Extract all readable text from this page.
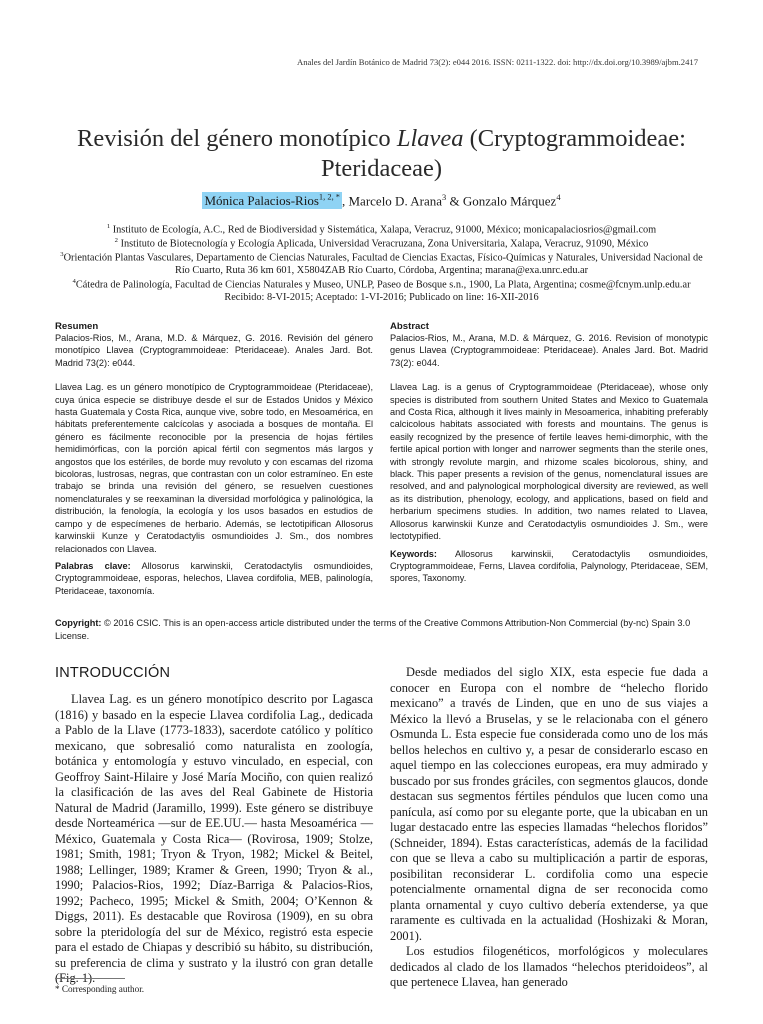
Anales del Jardín Botánico de Madrid 73(2): e044 2016. ISSN: 0211-1322. doi: http://dx.doi.org/10.3989/ajbm.2417
Revisión del género monotípico Llavea (Cryptogrammoideae:
Pteridaceae)
Mónica Palacios-Rios$^{1, 2, *}$ , Marcelo D. Arana$^3$ & Gonzalo Márquez$^4$
$^1$ Instituto de Ecología, A.C., Red de Biodiversidad y Sistemática, Xalapa, Veracruz, 91000, México; monicapalaciosrios@gmail.com
$^2$ Instituto de Biotecnología y Ecología Aplicada, Universidad Veracruzana, Zona Universitaria, Xalapa, Veracruz, 91090, México
$^3$Orientación Plantas Vasculares, Departamento de Ciencias Naturales, Facultad de Ciencias Exactas, Físico-Químicas y Naturales, Universidad Nacional de Río Cuarto, Ruta 36 km 601, X5804ZAB Río Cuarto, Córdoba, Argentina; marana@exa.unrc.edu.ar
$^4$Cátedra de Palinología, Facultad de Ciencias Naturales y Museo, UNLP, Paseo de Bosque s.n., 1900, La Plata, Argentina; cosme@fcnym.unlp.edu.ar
Recibido: 8-VI-2015; Aceptado: 1-VI-2016; Publicado on line: 16-XII-2016
Resumen
Palacios-Rios, M., Arana, M.D. & Márquez, G. 2016. Revisión del género monotípico Llavea (Cryptogrammoideae: Pteridaceae). Anales Jard. Bot. Madrid 73(2): e044.
Llavea Lag. es un género monotípico de Cryptogrammoideae (Pteridaceae), cuya única especie se distribuye desde el sur de Estados Unidos y México hasta Guatemala y Costa Rica, aunque vive, sobre todo, en Mesoamérica, en hábitats preferentemente calcícolas y asociada a bosques de montaña. El género es fácilmente reconocible por la presencia de hojas fértiles hemidimórficas, con la porción apical fértil con segmentos más largos y angostos que los estériles, de borde muy revoluto y con escamas del rizoma bicoloras, lustrosas, negras, que contrastan con un color estramíneo. En este trabajo se brinda una revisión del género, se resuelven cuestiones nomenclaturales y se reexaminan la diversidad morfológica y palinológica, la distribución, la fenología, la ecología y los usos basados en estudios de campo y de especímenes de herbario. Además, se lectotipifican Allosorus karwinskii Kunze y Ceratodactylis osmundioides J. Sm., dos nombres relacionados con Llavea.
Palabras clave: Allosorus karwinskii, Ceratodactylis osmundioides, Cryptogrammoideae, esporas, helechos, Llavea cordifolia, MEB, palinología, Pteridaceae, taxonomía.
Abstract
Palacios-Rios, M., Arana, M.D. & Márquez, G. 2016. Revision of monotypic genus Llavea (Cryptogrammoideae: Pteridaceae). Anales Jard. Bot. Madrid 73(2): e044.
Llavea Lag. is a genus of Cryptogrammoideae (Pteridaceae), whose only species is distributed from southern United States and Mexico to Guatemala and Costa Rica, although it lives mainly in Mesoamerica, inhabiting preferably calcicolous habitats associated with forests and mountains. The genus is easily recognized by the presence of fertile leaves hemi-dimorphic, with the fertile apical portion with longer and narrower segments than the sterile ones, with strongly revolute margin, and rhizome scales bicolorous, shiny, and black. This paper presents a revision of the genus, nomenclatural issues are resolved, and and palynological morphological diversity are reviewed, as well as its distribution, phenology, ecology, and applications, based on field and herbarium specimens studies. In addition, two names related to Llavea, Allosorus karwinskii Kunze and Ceratodactylis osmundioides J. Sm., were lectotypified.
Keywords: Allosorus karwinskii, Ceratodactylis osmundioides, Cryptogrammoideae, Ferns, Llavea cordifolia, Palynology, Pteridaceae, SEM, spores, Taxonomy.
Copyright: © 2016 CSIC. This is an open-access article distributed under the terms of the Creative Commons Attribution-Non Commercial (by-nc) Spain 3.0 License.
INTRODUCCIÓN

Llavea Lag. es un género monotípico descrito por Lagasca (1816) y basado en la especie Llavea cordifolia Lag., dedicada a Pablo de la Llave (1773-1833), sacerdote católico y político mexicano, que sobresalió como naturalista en zoología, botánica y entomología y estuvo vinculado, en especial, con Geoffroy Saint-Hilaire y José María Mociño, con quien realizó la clasificación de las aves del Real Gabinete de Historia Natural de Madrid (Jaramillo, 1999). Este género se distribuye desde Norteamérica —sur de EE.UU.— hasta Mesoamérica —México, Guatemala y Costa Rica— (Rovirosa, 1909; Stolze, 1981; Smith, 1981; Tryon & Tryon, 1982; Mickel & Beitel, 1988; Lellinger, 1989; Kramer & Green, 1990; Tryon & al., 1990; Palacios-Rios, 1992; Díaz-Barriga & Palacios-Rios, 1992; Pacheco, 1995; Mickel & Smith, 2004; O’Kennon & Diggs, 2011). Es destacable que Rovirosa (1909), en su obra sobre la pteridología del sur de México, registró esta especie para el estado de Chiapas y describió su hábito, su distribución, su preferencia de clima y sustrato y la ilustró con gran detalle (Fig. 1).

Desde mediados del siglo XIX, esta especie fue dada a conocer en Europa con el nombre de “helecho florido mexicano” a través de Linden, que en uno de sus viajes a México la llevó a Bruselas, y se le relacionaba con el género Osmunda L. Esta especie fue considerada como uno de los más bellos helechos en cultivo y, a pesar de considerarlo escaso en aquel tiempo en las colecciones europeas, era muy admirado y buscado por sus frondes gráciles, con segmentos glaucos, donde destacan sus segmentos fértiles péndulos que lucen como una panícula, así como por su elegante porte, que la ubicaban en un lugar destacado entre las especies llamadas “helechos floridos” (Schneider, 1894). Estas características, además de la facilidad con que se lleva a cabo su multiplicación a partir de esporas, posibilitan reconsiderar L. cordifolia como una especie potencialmente ornamental digna de ser reconocida como planta ornamental y cuyo cultivo debería extenderse, ya que raramente es cultivada en la actualidad (Hoshizaki & Moran, 2001).

Los estudios filogenéticos, morfológicos y moleculares dedicados al clado de los llamados “helechos pteridoideos”, al que pertenece Llavea, han generado

* Corresponding author.
